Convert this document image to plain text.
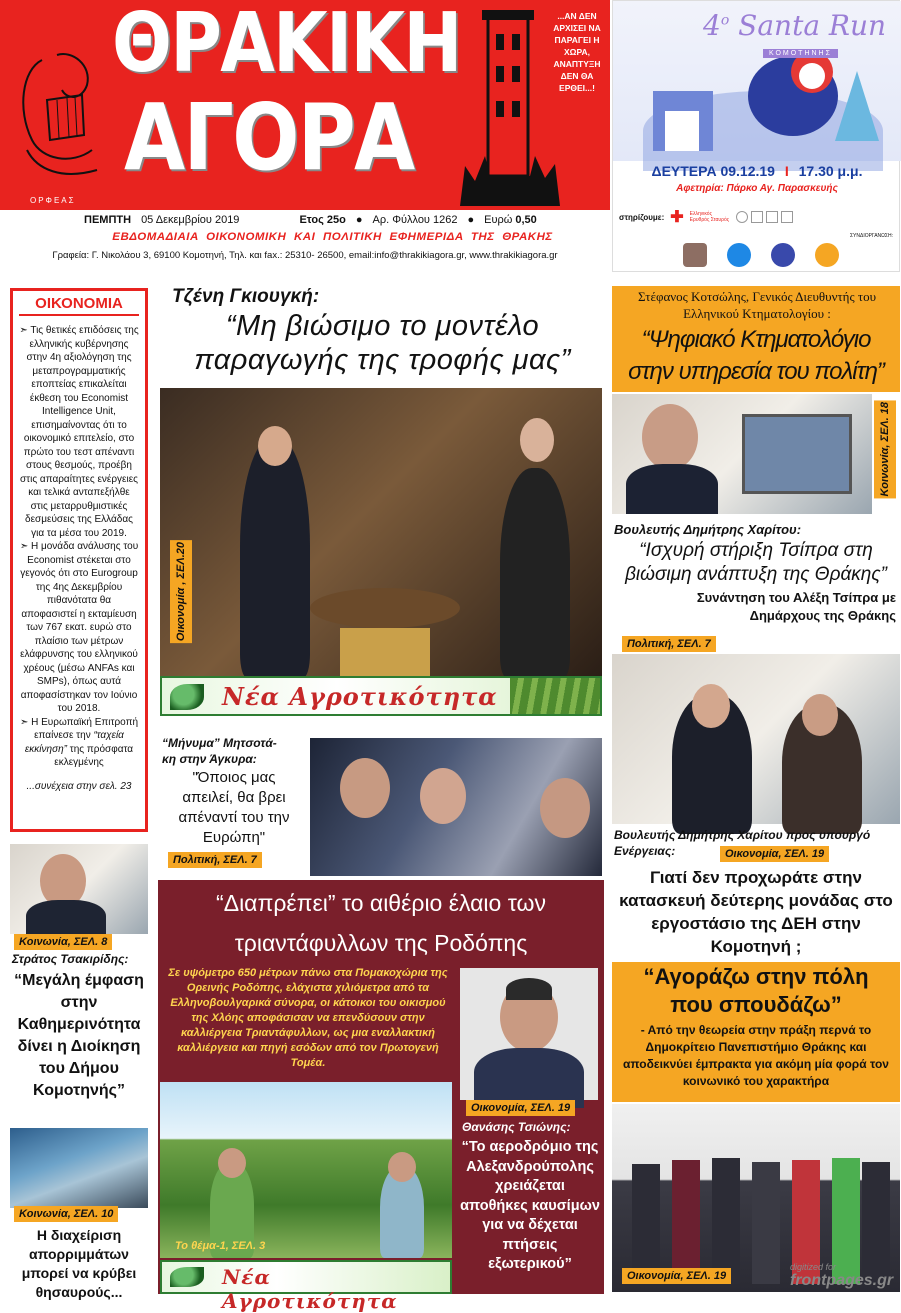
ΟΡΦΕΑΣ
ΘΡΑΚΙΚΗ
ΑΓΟΡΑ
...ΑΝ ΔΕΝ ΑΡΧΙΣΕΙ ΝΑ ΠΑΡΑΓΕΙ Η ΧΩΡΑ, ΑΝΑΠΤΥΞΗ ΔΕΝ ΘΑ ΕΡΘΕΙ...!
ΠΕΜΠΤΗ 05 Δεκεμβρίου 2019	Ετος 25ο ● Αρ. Φύλλου 1262 ● Ευρώ 0,50
ΕΒΔΟΜΑΔΙΑΙΑ ΟΙΚΟΝΟΜΙΚΗ ΚΑΙ ΠΟΛΙΤΙΚΗ ΕΦΗΜΕΡΙΔΑ ΤΗΣ ΘΡΑΚΗΣ
Γραφεία: Γ. Νικολάου 3, 69100 Κομοτηνή, Τηλ. και fax.: 25310- 26500, email:info@thrakikiagora.gr, www.thrakikiagora.gr
4$^o$ Santa Run
ΚΟΜΟΤΗΝΗΣ
ΔΕΥΤΕΡΑ 09.12.19 I 17.30 μ.μ.
Αφετηρία: Πάρκο Αγ. Παρασκευής
στηρίζουμε: ✚ Ελληνικός Ερυθρός Σταυρός
ΣΥΝΔΙΟΡΓΑΝΩΣΗ:
ΟΙΚΟΝΟΜΙΑ

➣ Τις θετικές επιδόσεις της ελληνικής κυβέρνησης στην 4η αξιολόγηση της μεταπρογραμματικής εποπτείας επικαλείται έκθεση του Economist Intelligence Unit, επισημαίνοντας ότι το οικονομικό επιτελείο, στο πρώτο του τεστ απέναντι στους θεσμούς, προέβη στις απαραίτητες ενέργειες και τελικά ανταπεξήλθε στις μεταρρυθμιστικές δεσμεύσεις της Ελλάδας για τα μέσα του 2019.

➣ Η μονάδα ανάλυσης του Economist στέκεται στο γεγονός ότι στο Eurogroup της 4ης Δεκεμβρίου πιθανότατα θα αποφασιστεί η εκταμίευση των 767 εκατ. ευρώ στο πλαίσιο των μέτρων ελάφρυνσης του ελληνικού χρέους (μέσω ANFAs και SMPs), όπως αυτά αποφασίστηκαν τον Ιούνιο του 2018.

➣ Η Ευρωπαϊκή Επιτροπή επαίνεσε την “ταχεία εκκίνηση” της πρόσφατα εκλεγμένης

...συνέχεια στην σελ. 23

Τζένη Γκιουγκή:
“Μη βιώσιμο το μοντέλο
παραγωγής της τροφής μας”
Οικονομία , ΣΕΛ.20
Νέα Αγροτικότητα
“Μήνυμα” Μητσοτά-
κη στην Άγκυρα:
"Όποιος μας απειλεί, θα βρει απέναντί του την Ευρώπη"
Πολιτική, ΣΕΛ. 7
Στέφανος Κοτσώλης, Γενικός Διευθυντής του Ελληνικού Κτηματολογίου :
“Ψηφιακό Κτηματολόγιο
στην υπηρεσία του πολίτη”
Κοινωνία, ΣΕΛ. 18
Βουλευτής Δημήτρης Χαρίτου:
“Ισχυρή στήριξη Τσίπρα στη
βιώσιμη ανάπτυξη της Θράκης”
Συνάντηση του Αλέξη Τσίπρα με
Δημάρχους της Θράκης
Πολιτική, ΣΕΛ. 7
Βουλευτής Δημήτρης Χαρίτου προς υπουργό
Ενέργειας:	Οικονομία, ΣΕΛ. 19
Γιατί δεν προχωράτε στην κατασκευή δεύτερης μονάδας στο εργοστάσιο της ΔΕΗ στην Κομοτηνή ;
“Αγοράζω στην πόλη
που σπουδάζω”
- Από την θεωρεία στην πράξη περνά το Δημοκρίτειο Πανεπιστήμιο Θράκης και αποδεικνύει έμπρακτα για ακόμη μία φορά τον κοινωνικό του χαρακτήρα
Οικονομία, ΣΕΛ. 19
Κοινωνία, ΣΕΛ. 8
Στράτος Τσακιρίδης:
“Μεγάλη έμφαση στην Καθημερινότητα δίνει η Διοίκηση του Δήμου Κομοτηνής”
Κοινωνία, ΣΕΛ. 10
Η διαχείριση απορριμμάτων μπορεί να κρύβει θησαυρούς...
“Διαπρέπει” το αιθέριο έλαιο των
τριαντάφυλλων της Ροδόπης
Σε υψόμετρο 650 μέτρων πάνω στα Πομακοχώρια της Ορεινής Ροδόπης, ελάχιστα χιλιόμετρα από τα Ελληνοβουλγαρικά σύνορα, οι κάτοικοι του οικισμού της Χλόης αποφάσισαν να επενδύσουν στην καλλιέργεια Τριαντάφυλλων, ως μια εναλλακτική καλλιέργεια και πηγή εσόδων από τον Πρωτογενή Τομέα.
Το θέμα-1, ΣΕΛ. 3
Νέα Αγροτικότητα
Οικονομία, ΣΕΛ. 19
Θανάσης Τσιώνης:
“Το αεροδρόμιο της Αλεξανδρούπολης χρειάζεται αποθήκες καυσίμων για να δέχεται πτήσεις εξωτερικού”	digitized for
frontpages.gr
